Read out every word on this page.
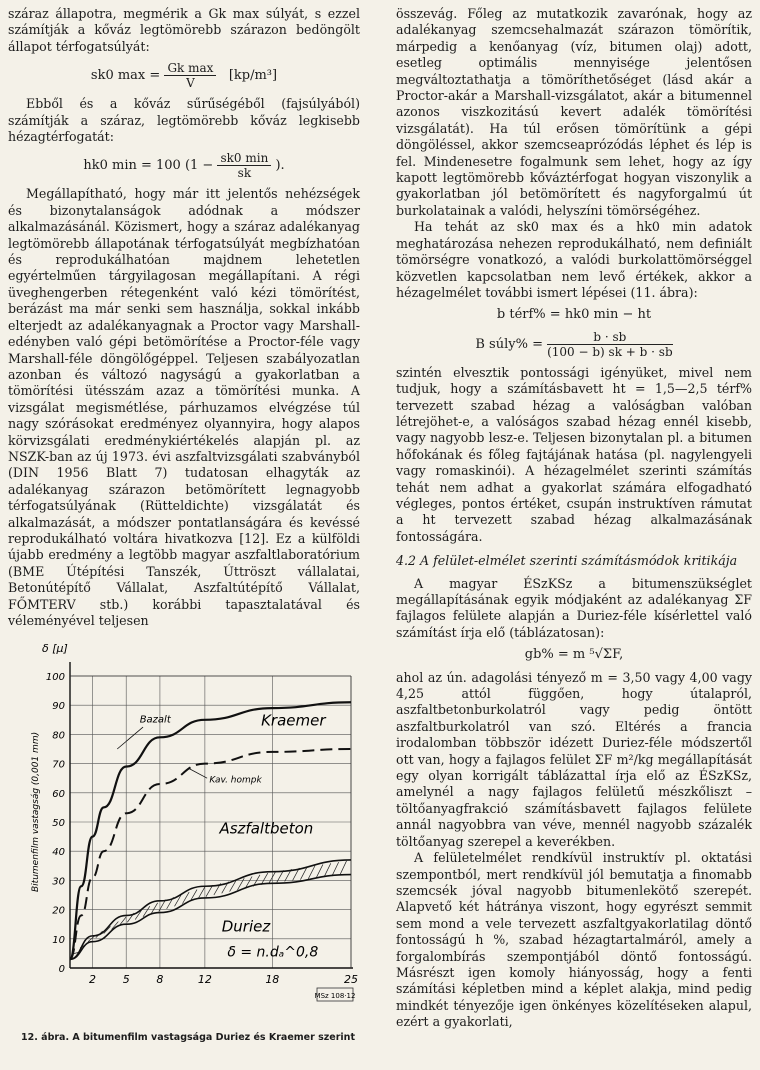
száraz állapotra, megmérik a Gk max súlyát, s ezzel számítják a kőváz legtömörebb szárazon bedöngölt állapot térfogatsúlyát:

sk0 $\max = \frac{\text{Gk max}}{V} [kp/m^3]$

Ebből és a kőváz sűrűségéből (fajsúlyából) számítják a száraz, legtömörebb kőváz legkisebb hézagtérfogatát:

hk0 min = 100 ($1 - \frac{sk0 \min}{sk}$ ).

Megállapítható, hogy már itt jelentős nehézségek és bizonytalanságok adódnak a módszer alkalmazásánál. Közismert, hogy a száraz adalékanyag legtömörebb állapotának térfogatsúlyát megbízhatóan és reprodukálhatóan majdnem lehetetlen egyértelműen tárgyilagosan megállapítani. A régi üveghengerben rétegenként való kézi tömörítést, berázást ma már senki sem használja, sokkal inkább elterjedt az adalékanyagnak a Proctor vagy Marshall-edényben való gépi betömörítése a Proctor-féle vagy Marshall-féle döngölőgéppel. Teljesen szabályozatlan azonban és változó nagyságú a gyakorlatban a tömörítési ütésszám azaz a tömörítési munka. A vizsgálat megismétlése, párhuzamos elvégzése túl nagy szórásokat eredményez olyannyira, hogy alapos körvizsgálati eredménykiértékelés alapján pl. az NSZK-ban az új 1973. évi aszfaltvizsgálati szabványból (DIN 1956 Blatt 7) tudatosan elhagyták az adalékanyag szárazon betömörített legnagyobb térfogatsúlyának (Rütteldichte) vizsgálatát és alkalmazását, a módszer pontatlanságára és kevéssé reprodukálható voltára hivatkozva [12]. Ez a külföldi újabb eredmény a legtöbb magyar aszfaltlaboratórium (BME Útépítési Tanszék, Úttröszt vállalatai, Betonútépítő Vállalat, Aszfaltútépítő Vállalat, FŐMTERV stb.) korábbi tapasztalatával és véleményével teljesen

összevág. Főleg az mutatkozik zavarónak, hogy az adalékanyag szemcsehalmazát szárazon tömörítik, márpedig a kenőanyag (víz, bitumen olaj) adott, esetleg optimális mennyisége jelentősen megváltoztathatja a tömöríthetőséget (lásd akár a Proctor-akár a Marshall-vizsgálatot, akár a bitumennel azonos viszkozitású kevert adalék tömörítési vizsgálatát). Ha túl erősen tömörítünk a gépi döngöléssel, akkor szemcseaprózódás léphet és lép is fel. Mindenesetre fogalmunk sem lehet, hogy az így kapott legtömörebb kőváztérfogat hogyan viszonylik a gyakorlatban jól betömörített és nagyforgalmú út burkolatainak a valódi, helyszíni tömörségéhez.

Ha tehát az sk0 max és a hk0 min adatok meghatározása nehezen reprodukálható, nem definiált tömörségre vonatkozó, a valódi burkolattömörséggel közvetlen kapcsolatban nem levő értékek, akkor a hézagelmélet további ismert lépései (11. ábra):

b térf% = hk0 min − ht
B súly% = $\frac{b \cdot sb}{(100 - b) sk + b \cdot sb}$

szintén elvesztik pontossági igényüket, mivel nem tudjuk, hogy a számításbavett ht = 1,5—2,5 térf% tervezett szabad hézag a valóságban valóban létrejöhet-e, a valóságos szabad hézag ennél kisebb, vagy nagyobb lesz-e. Teljesen bizonytalan pl. a bitumen hőfokának és főleg fajtájának hatása (pl. nagylengyeli vagy romaskinói). A hézagelmélet szerinti számítás tehát nem adhat a gyakorlat számára elfogadható végleges, pontos értéket, csupán instruktíven rámutat a ht tervezett szabad hézag alkalmazásának fontosságára.

4.2 A felület-elmélet szerinti számításmódok kritikája

A magyar ÉSzKSz a bitumenszükséglet megállapításának egyik módjaként az adalékanyag ΣF fajlagos felülete alapján a Duriez-féle kísérlettel való számítást írja elő (táblázatosan):

gb% = m ⁵√ΣF,

ahol az ún. adagolási tényező m = 3,50 vagy 4,00 vagy 4,25 attól függően, hogy útalapról, aszfaltbetonburkolatról vagy pedig öntött aszfaltburkolatról van szó. Eltérés a francia irodalomban többször idézett Duriez-féle módszertől ott van, hogy a fajlagos felület ΣF m²/kg megállapítását egy olyan korrigált táblázattal írja elő az ÉSzKSz, amelynél a nagy fajlagos felületű mészkőliszt – töltőanyagfrakció számításbavett fajlagos felülete annál nagyobbra van véve, mennél nagyobb százalék töltőanyag szerepel a keverékben.

A felületelmélet rendkívül instruktív pl. oktatási szempontból, mert rendkívül jól bemutatja a finomabb szemcsék jóval nagyobb bitumenlekötő szerepét. Alapvető két hátránya viszont, hogy egyrészt semmit sem mond a vele tervezett aszfaltgyakorlatilag döntő fontosságú h %, szabad hézagtartalmáról, amely a forgalombírás szempontjából döntő fontosságú. Másrészt igen komoly hiányosság, hogy a fenti számítási képletben mind a képlet alakja, mind pedig mindkét tényezője igen önkényes közelítéseken alapul, ezért a gyakorlati,

0
10
20
30
40
50
60
70
80
90
100
2 5 8	12	18	25
δ [μ]
Bitumenfilm vastagság (0,001 mm)
Bazalt	Kraemer
Kav. hompk
Aszfaltbeton
Duriez
δ = n.dₐ^0,8
MSz 108·12
12. ábra. A bitumenfilm vastagsága Duriez és Kraemer szerint
